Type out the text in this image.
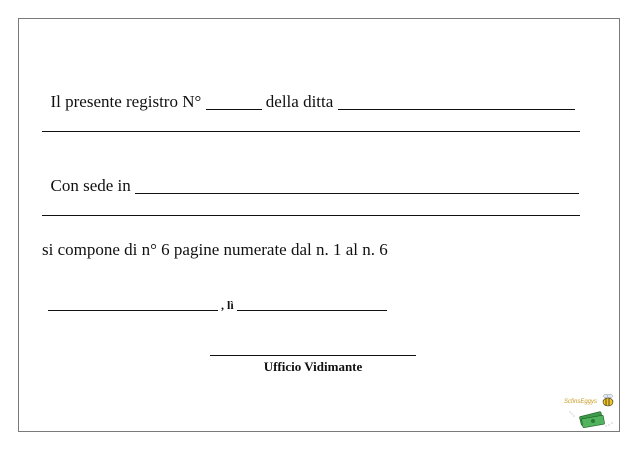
Il presente registro N°	della ditta

Con sede in

si compone di n° 6 pagine numerate dal n. 1 al n. 6

, lì

Ufficio Vidimante
ScfinsEggys
